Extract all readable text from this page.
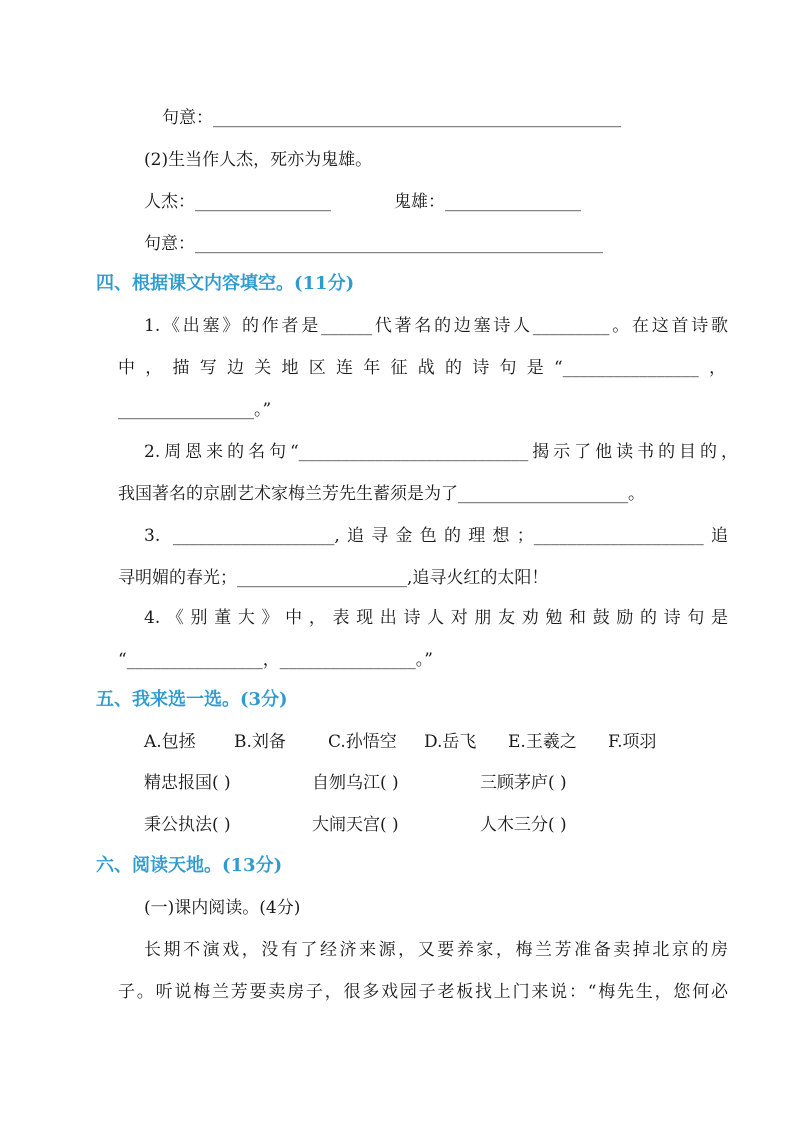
句意：________________________________________________
(2)生当作人杰，死亦为鬼雄。
人杰：________________	鬼雄：________________
句意：________________________________________________
四、根据课文内容填空。(11分)
1.《出塞》的作者是______代著名的边塞诗人_________。在这首诗歌
中，描写边关地区连年征战的诗句是“________________，
________________。”
2.周恩来的名句“___________________________揭示了他读书的目的，
我国著名的京剧艺术家梅兰芳先生蓄须是为了____________________。
3. ___________________,追寻金色的理想；____________________追
寻明媚的春光；____________________,追寻火红的太阳！
4.《别董大》中，表现出诗人对朋友劝勉和鼓励的诗句是
“________________，________________。”
五、我来选一选。(3分)
A.包拯 B.刘备 C.孙悟空 D.岳飞 E.王羲之 F.项羽
精忠报国( )	自刎乌江( )	三顾茅庐( )
秉公执法( )	大闹天宫( )	人木三分( )
六、阅读天地。(13分)
(一)课内阅读。(4分)
长期不演戏，没有了经济来源，又要养家，梅兰芳准备卖掉北京的房
子。听说梅兰芳要卖房子，很多戏园子老板找上门来说：“梅先生，您何必
